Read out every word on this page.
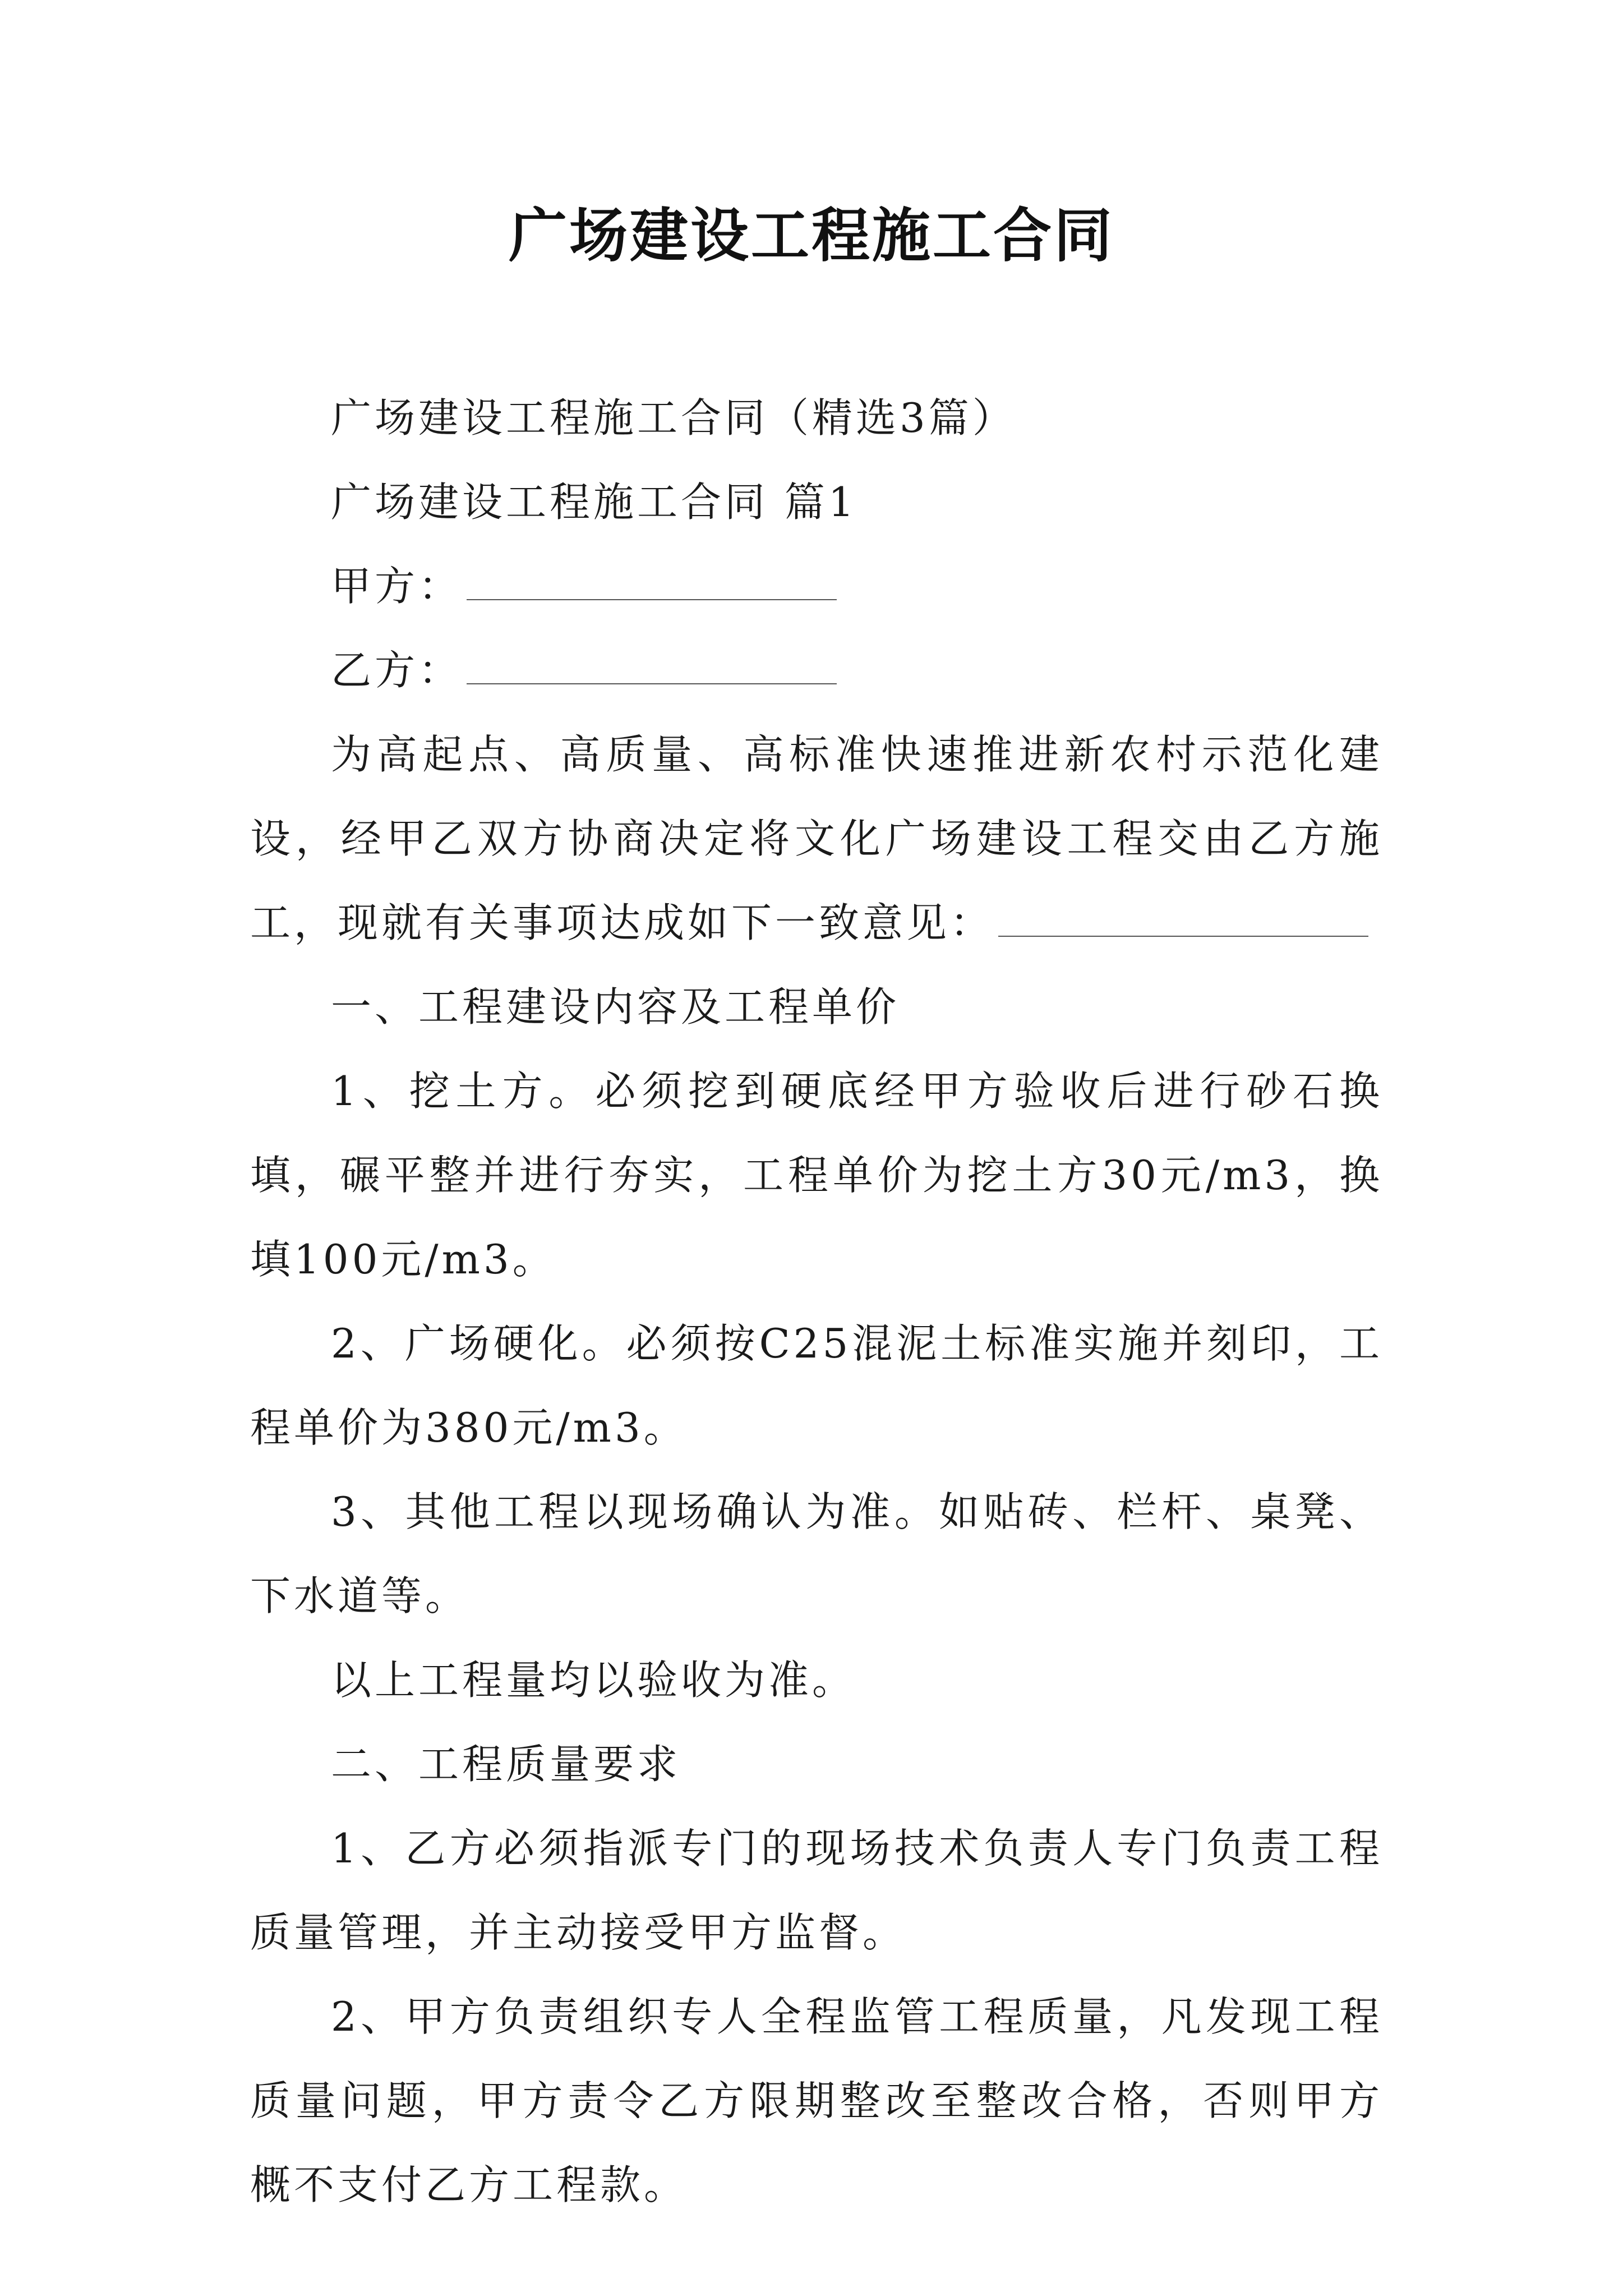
广场建设工程施工合同

广场建设工程施工合同（精选3篇）

广场建设工程施工合同 篇1

甲方：

乙方：

为高起点、高质量、高标准快速推进新农村示范化建设，经甲乙双方协商决定将文化广场建设工程交由乙方施工，现就有关事项达成如下一致意见：

一、工程建设内容及工程单价

1、挖土方。必须挖到硬底经甲方验收后进行砂石换填，碾平整并进行夯实，工程单价为挖土方30元/m3，换填100元/m3。

2、广场硬化。必须按C25混泥土标准实施并刻印，工程单价为380元/m3。

3、其他工程以现场确认为准。如贴砖、栏杆、桌凳、下水道等。

以上工程量均以验收为准。

二、工程质量要求

1、乙方必须指派专门的现场技术负责人专门负责工程质量管理，并主动接受甲方监督。

2、甲方负责组织专人全程监管工程质量，凡发现工程质量问题，甲方责令乙方限期整改至整改合格，否则甲方概不支付乙方工程款。
